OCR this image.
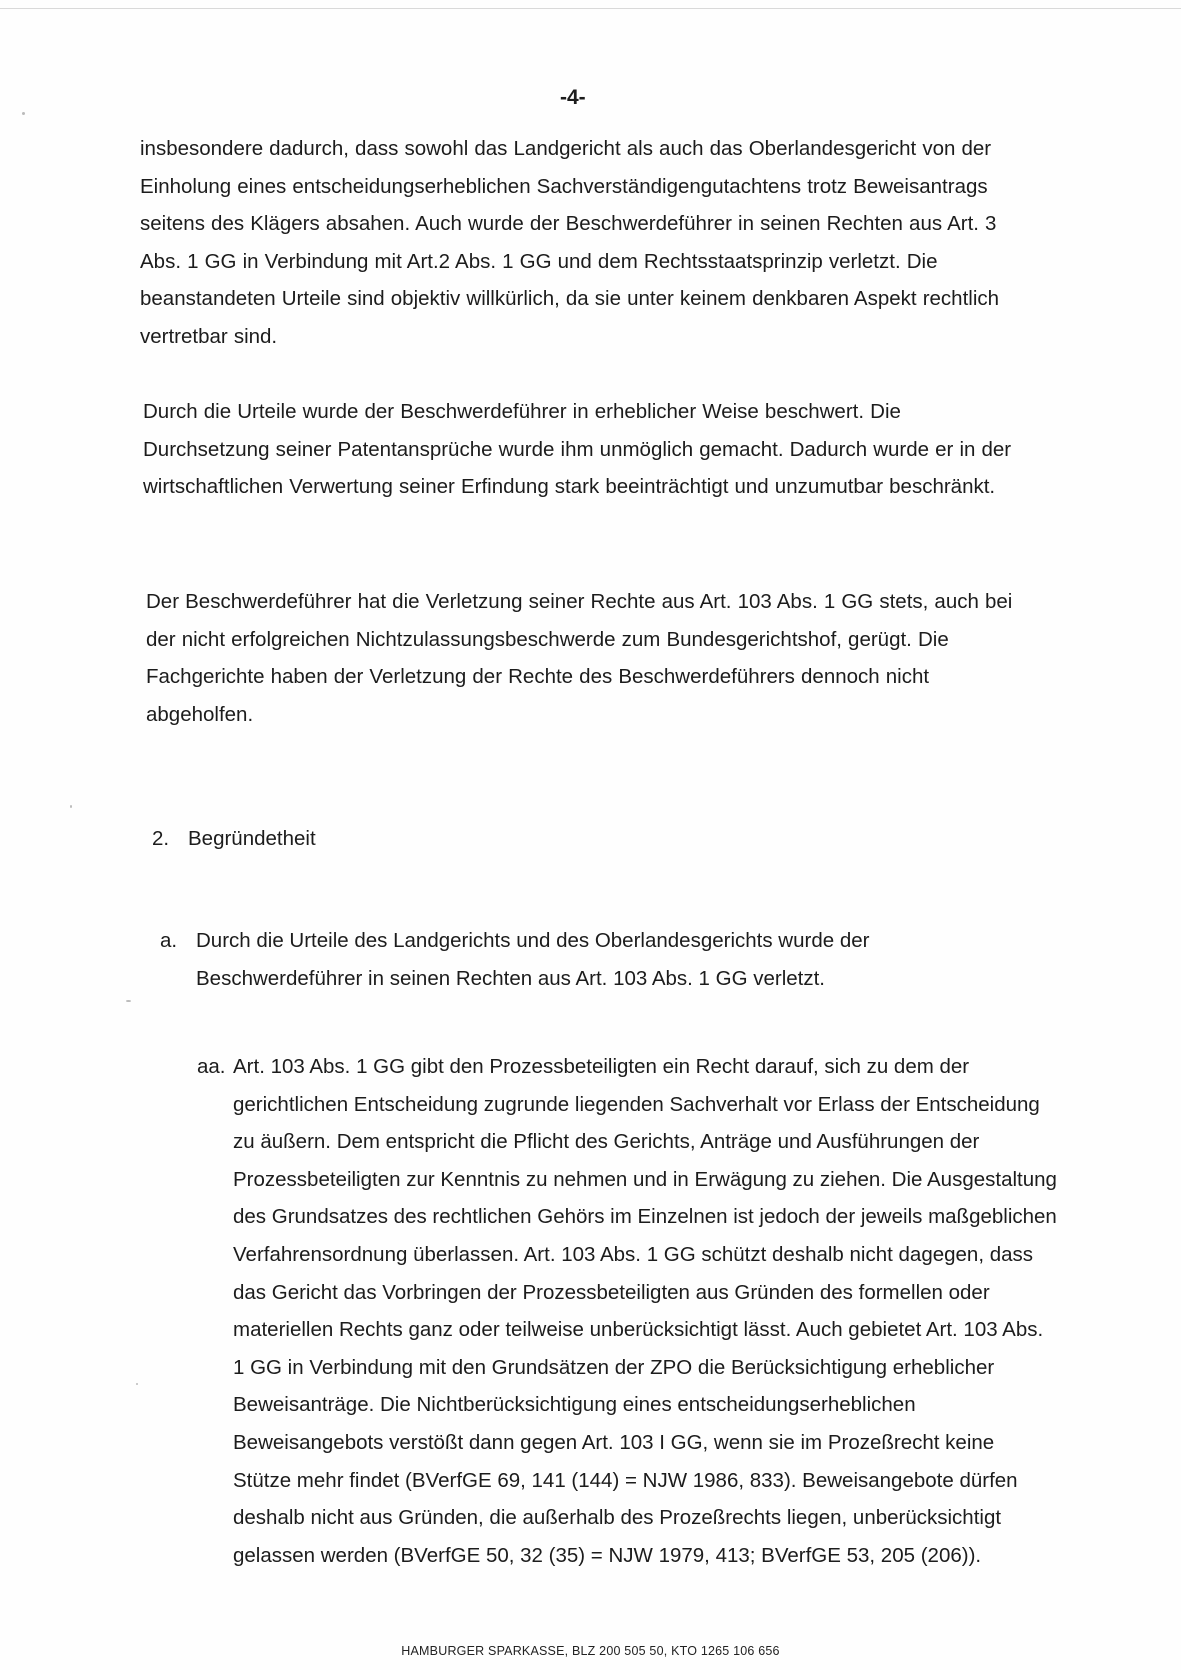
-4-

insbesondere dadurch, dass sowohl das Landgericht als auch das Oberlandesgericht von der Einholung eines entscheidungserheblichen Sachverständigengutachtens trotz Beweisantrags seitens des Klägers absahen. Auch wurde der Beschwerdeführer in seinen Rechten aus Art. 3 Abs. 1 GG in Verbindung mit Art.2 Abs. 1 GG und dem Rechtsstaatsprinzip verletzt. Die beanstandeten Urteile sind objektiv willkürlich, da sie unter keinem denkbaren Aspekt rechtlich vertretbar sind.

Durch die Urteile wurde der Beschwerdeführer in erheblicher Weise beschwert. Die Durchsetzung seiner Patentansprüche wurde ihm unmöglich gemacht. Dadurch wurde er in der wirtschaftlichen Verwertung seiner Erfindung stark beeinträchtigt und unzumutbar beschränkt.

Der Beschwerdeführer hat die Verletzung seiner Rechte aus Art. 103 Abs. 1 GG stets, auch bei der nicht erfolgreichen Nichtzulassungsbeschwerde zum Bundesgerichtshof, gerügt. Die Fachgerichte haben der Verletzung der Rechte des Beschwerdeführers dennoch nicht abgeholfen.

2. Begründetheit
a. Durch die Urteile des Landgerichts und des Oberlandesgerichts wurde der Beschwerdeführer in seinen Rechten aus Art. 103 Abs. 1 GG verletzt.
aa. Art. 103 Abs. 1 GG gibt den Prozessbeteiligten ein Recht darauf, sich zu dem der gerichtlichen Entscheidung zugrunde liegenden Sachverhalt vor Erlass der Entscheidung zu äußern. Dem entspricht die Pflicht des Gerichts, Anträge und Ausführungen der Prozessbeteiligten zur Kenntnis zu nehmen und in Erwägung zu ziehen. Die Ausgestaltung des Grundsatzes des rechtlichen Gehörs im Einzelnen ist jedoch der jeweils maßgeblichen Verfahrensordnung überlassen. Art. 103 Abs. 1 GG schützt deshalb nicht dagegen, dass das Gericht das Vorbringen der Prozessbeteiligten aus Gründen des formellen oder materiellen Rechts ganz oder teilweise unberücksichtigt lässt. Auch gebietet Art. 103 Abs. 1 GG in Verbindung mit den Grundsätzen der ZPO die Berücksichtigung erheblicher Beweisanträge. Die Nichtberücksichtigung eines entscheidungserheblichen Beweisangebots verstößt dann gegen Art. 103 I GG, wenn sie im Prozeßrecht keine Stütze mehr findet (BVerfGE 69, 141 (144) = NJW 1986, 833). Beweisangebote dürfen deshalb nicht aus Gründen, die außerhalb des Prozeßrechts liegen, unberücksichtigt gelassen werden (BVerfGE 50, 32 (35) = NJW 1979, 413; BVerfGE 53, 205 (206)).
HAMBURGER SPARKASSE, BLZ 200 505 50, KTO 1265 106 656
